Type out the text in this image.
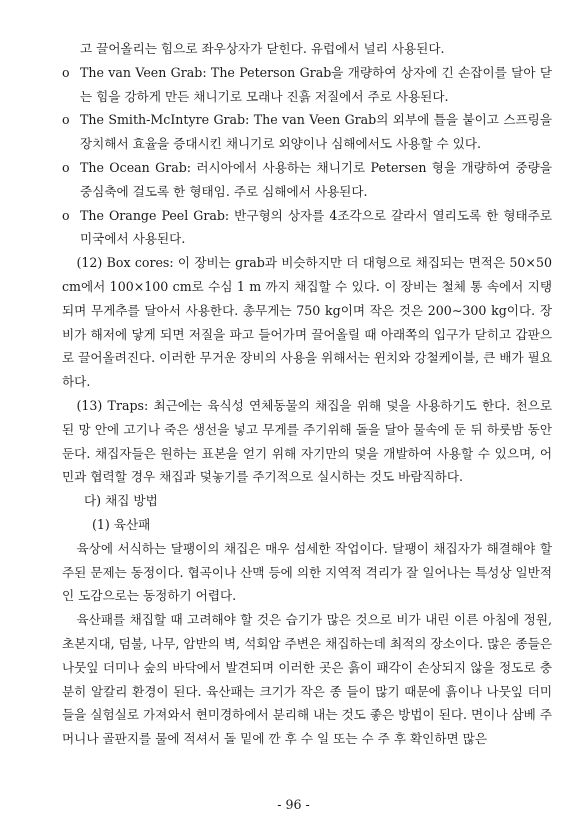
고 끌어올리는 힘으로 좌우상자가 닫힌다. 유럽에서 널리 사용된다.
o The van Veen Grab: The Peterson Grab을 개량하여 상자에 긴 손잡이를 달아 닫는 힘을 강하게 만든 채니기로 모래나 진흙 저질에서 주로 사용된다.
o The Smith-McIntyre Grab: The van Veen Grab의 외부에 틀을 붙이고 스프링을 장치해서 효율을 증대시킨 채니기로 외양이나 심해에서도 사용할 수 있다.
o The Ocean Grab: 러시아에서 사용하는 채니기로 Petersen 형을 개량하여 중량을 중심축에 걸도록 한 형태임. 주로 심해에서 사용된다.
o The Orange Peel Grab: 반구형의 상자를 4조각으로 갈라서 열리도록 한 형태주로 미국에서 사용된다.
(12) Box cores: 이 장비는 grab과 비슷하지만 더 대형으로 채집되는 면적은 50×50 cm에서 100×100 cm로 수심 1 m 까지 채집할 수 있다. 이 장비는 철체 통 속에서 지탱되며 무게추를 달아서 사용한다. 총무게는 750 kg이며 작은 것은 200∼300 kg이다. 장비가 해저에 닿게 되면 저질을 파고 들어가며 끌어올릴 때 아래쪽의 입구가 닫히고 갑판으로 끌어올려진다. 이러한 무거운 장비의 사용을 위해서는 윈치와 강철케이블, 큰 배가 필요하다.
(13) Traps: 최근에는 육식성 연체동물의 채집을 위해 덫을 사용하기도 한다. 천으로 된 망 안에 고기나 죽은 생선을 넣고 무게를 주기위해 돌을 달아 물속에 둔 뒤 하룻밤 동안 둔다. 채집자들은 원하는 표본을 얻기 위해 자기만의 덫을 개발하여 사용할 수 있으며, 어민과 협력할 경우 채집과 덫놓기를 주기적으로 실시하는 것도 바람직하다.
다) 채집 방법
(1) 육산패
육상에 서식하는 달팽이의 채집은 매우 섬세한 작업이다. 달팽이 채집자가 해결해야 할 주된 문제는 동정이다. 협곡이나 산맥 등에 의한 지역적 격리가 잘 일어나는 특성상 일반적인 도감으로는 동정하기 어렵다.
육산패를 채집할 때 고려해야 할 것은 습기가 많은 것으로 비가 내린 이른 아침에 정원, 초본지대, 덤불, 나무, 암반의 벽, 석회암 주변은 채집하는데 최적의 장소이다. 많은 종들은 나뭇잎 더미나 숲의 바닥에서 발견되며 이러한 곳은 흙이 패각이 손상되지 않을 정도로 충분히 알칼리 환경이 된다. 육산패는 크기가 작은 종 들이 많기 때문에 흙이나 나뭇잎 더미들을 실험실로 가져와서 현미경하에서 분리해 내는 것도 좋은 방법이 된다. 면이나 삼베 주머니나 골판지를 물에 적셔서 돌 밑에 깐 후 수 일 또는 수 주 후 확인하면 많은
- 96 -
